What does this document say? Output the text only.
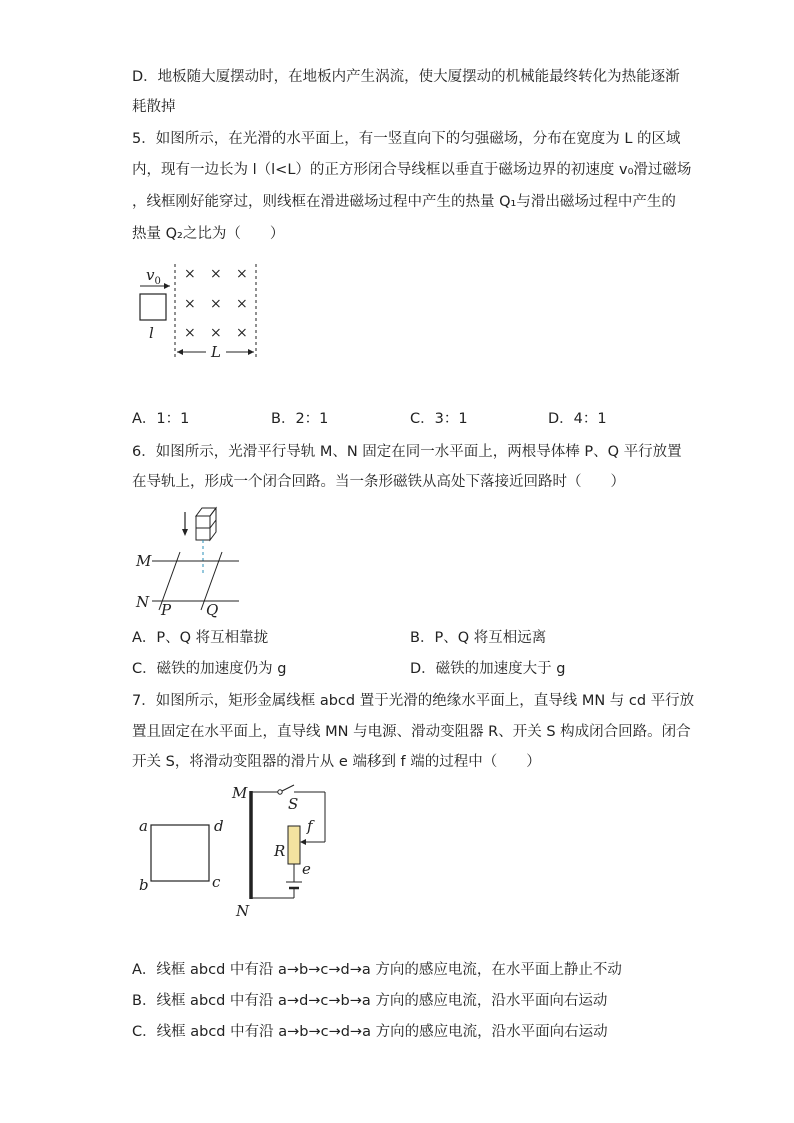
D．地板随大厦摆动时，在地板内产生涡流，使大厦摆动的机械能最终转化为热能逐渐
耗散掉
5．如图所示，在光滑的水平面上，有一竖直向下的匀强磁场，分布在宽度为 L 的区域
内，现有一边长为 l（l<L）的正方形闭合导线框以垂直于磁场边界的初速度 v₀滑过磁场
，线框刚好能穿过，则线框在滑进磁场过程中产生的热量 Q₁与滑出磁场过程中产生的
热量 Q₂之比为（　　）
$v_0$
l
× × ×
× × ×
× × ×
L
A．1：1	B．2：1	C．3：1	D．4：1
6．如图所示，光滑平行导轨 M、N 固定在同一水平面上，两根导体棒 P、Q 平行放置
在导轨上，形成一个闭合回路。当一条形磁铁从高处下落接近回路时（　　）
M
N P Q
A．P、Q 将互相靠拢	B．P、Q 将互相远离
C．磁铁的加速度仍为 g	D．磁铁的加速度大于 g
7．如图所示，矩形金属线框 abcd 置于光滑的绝缘水平面上，直导线 MN 与 cd 平行放
置且固定在水平面上，直导线 MN 与电源、滑动变阻器 R、开关 S 构成闭合回路。闭合
开关 S，将滑动变阻器的滑片从 e 端移到 f 端的过程中（　　）
a	d
b	c
M
N
S
f
R
e
A．线框 abcd 中有沿 a→b→c→d→a 方向的感应电流，在水平面上静止不动
B．线框 abcd 中有沿 a→d→c→b→a 方向的感应电流，沿水平面向右运动
C．线框 abcd 中有沿 a→b→c→d→a 方向的感应电流，沿水平面向右运动
